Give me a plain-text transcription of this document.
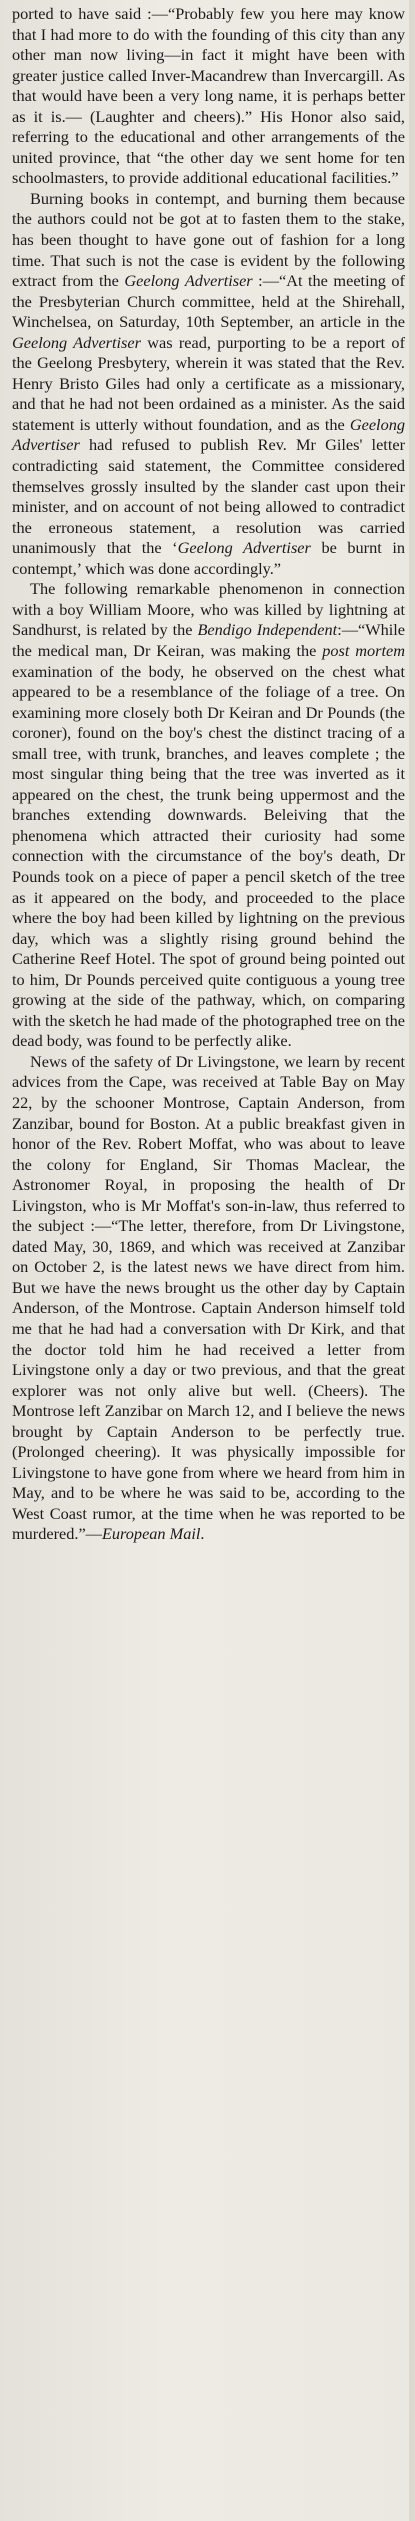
ported to have said :—“Probably few you here may know that I had more to do with the founding of this city than any other man now living—in fact it might have been with greater justice called Inver-Macandrew than Invercargill. As that would have been a very long name, it is perhaps better as it is.— (Laughter and cheers).” His Honor also said, referring to the educational and other arrangements of the united province, that “the other day we sent home for ten schoolmasters, to provide additional educational facilities.”

Burning books in contempt, and burning them because the authors could not be got at to fasten them to the stake, has been thought to have gone out of fashion for a long time. That such is not the case is evident by the following extract from the Geelong Advertiser :—“At the meeting of the Presbyterian Church committee, held at the Shirehall, Winchelsea, on Saturday, 10th September, an article in the Geelong Advertiser was read, purporting to be a report of the Geelong Presbytery, wherein it was stated that the Rev. Henry Bristo Giles had only a certificate as a missionary, and that he had not been ordained as a minister. As the said statement is utterly without foundation, and as the Geelong Advertiser had refused to publish Rev. Mr Giles' letter contradicting said statement, the Committee considered themselves grossly insulted by the slander cast upon their minister, and on account of not being allowed to contradict the erroneous statement, a resolution was carried unanimously that the ‘Geelong Advertiser be burnt in contempt,’ which was done accordingly.”

The following remarkable phenomenon in connection with a boy William Moore, who was killed by lightning at Sandhurst, is related by the Bendigo Independent:—“While the medical man, Dr Keiran, was making the post mortem examination of the body, he observed on the chest what appeared to be a resemblance of the foliage of a tree. On examining more closely both Dr Keiran and Dr Pounds (the coroner), found on the boy's chest the distinct tracing of a small tree, with trunk, branches, and leaves complete ; the most singular thing being that the tree was inverted as it appeared on the chest, the trunk being uppermost and the branches extending downwards. Beleiving that the phenomena which attracted their curiosity had some connection with the circumstance of the boy's death, Dr Pounds took on a piece of paper a pencil sketch of the tree as it appeared on the body, and proceeded to the place where the boy had been killed by lightning on the previous day, which was a slightly rising ground behind the Catherine Reef Hotel. The spot of ground being pointed out to him, Dr Pounds perceived quite contiguous a young tree growing at the side of the pathway, which, on comparing with the sketch he had made of the photographed tree on the dead body, was found to be perfectly alike.

News of the safety of Dr Livingstone, we learn by recent advices from the Cape, was received at Table Bay on May 22, by the schooner Montrose, Captain Anderson, from Zanzibar, bound for Boston. At a public breakfast given in honor of the Rev. Robert Moffat, who was about to leave the colony for England, Sir Thomas Maclear, the Astronomer Royal, in proposing the health of Dr Livingston, who is Mr Moffat's son-in-law, thus referred to the subject :—“The letter, therefore, from Dr Livingstone, dated May, 30, 1869, and which was received at Zanzibar on October 2, is the latest news we have direct from him. But we have the news brought us the other day by Captain Anderson, of the Montrose. Captain Anderson himself told me that he had had a conversation with Dr Kirk, and that the doctor told him he had received a letter from Livingstone only a day or two previous, and that the great explorer was not only alive but well. (Cheers). The Montrose left Zanzibar on March 12, and I believe the news brought by Captain Anderson to be perfectly true. (Prolonged cheering). It was physically impossible for Livingstone to have gone from where we heard from him in May, and to be where he was said to be, according to the West Coast rumor, at the time when he was reported to be murdered.”—European Mail.
